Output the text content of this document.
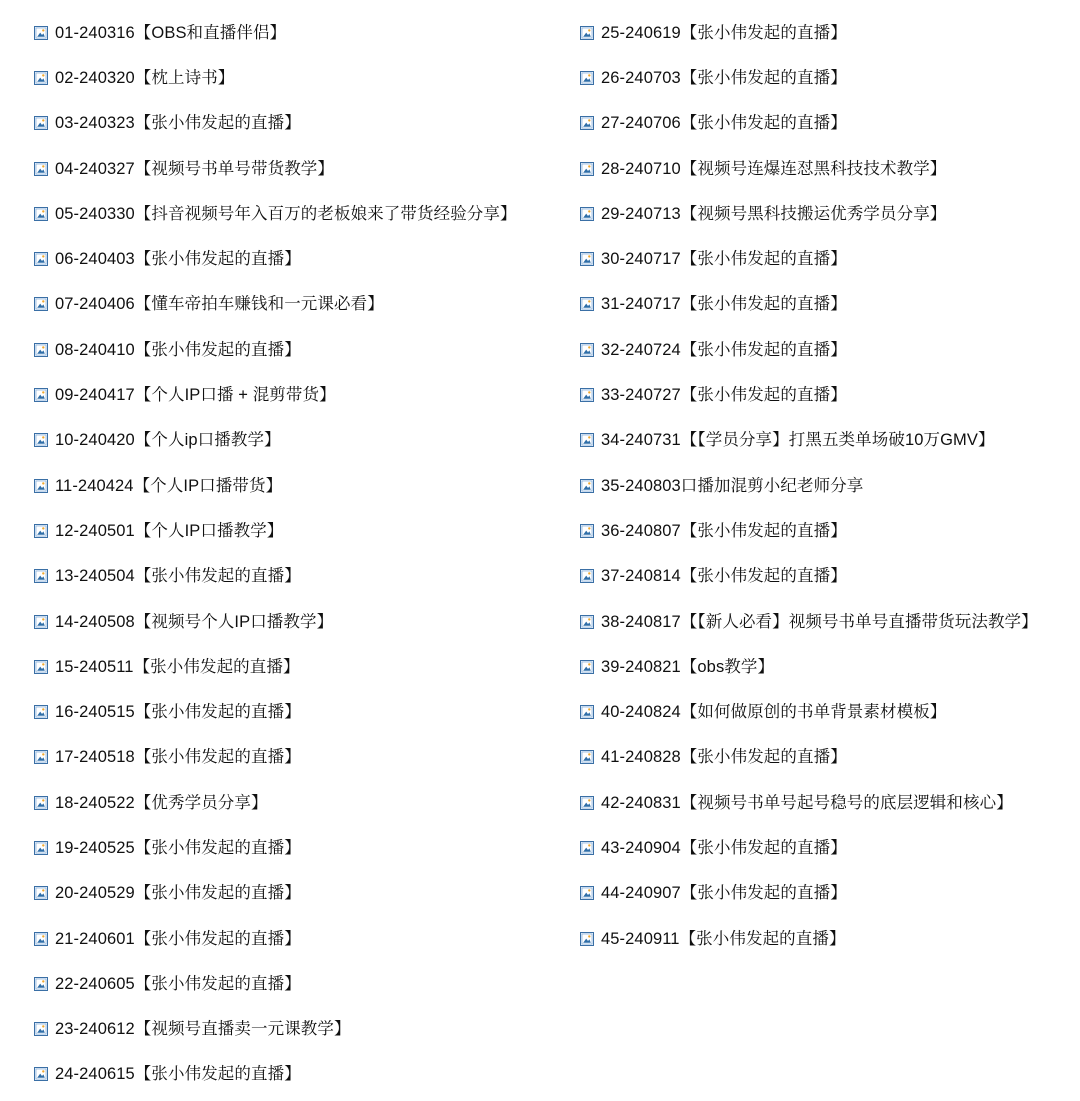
01-240316【OBS和直播伴侣】
02-240320【枕上诗书】
03-240323【张小伟发起的直播】
04-240327【视频号书单号带货教学】
05-240330【抖音视频号年入百万的老板娘来了带货经验分享】
06-240403【张小伟发起的直播】
07-240406【懂车帝拍车赚钱和一元课必看】
08-240410【张小伟发起的直播】
09-240417【个人IP口播 + 混剪带货】
10-240420【个人ip口播教学】
11-240424【个人IP口播带货】
12-240501【个人IP口播教学】
13-240504【张小伟发起的直播】
14-240508【视频号个人IP口播教学】
15-240511【张小伟发起的直播】
16-240515【张小伟发起的直播】
17-240518【张小伟发起的直播】
18-240522【优秀学员分享】
19-240525【张小伟发起的直播】
20-240529【张小伟发起的直播】
21-240601【张小伟发起的直播】
22-240605【张小伟发起的直播】
23-240612【视频号直播卖一元课教学】
24-240615【张小伟发起的直播】
25-240619【张小伟发起的直播】
26-240703【张小伟发起的直播】
27-240706【张小伟发起的直播】
28-240710【视频号连爆连怼黑科技技术教学】
29-240713【视频号黑科技搬运优秀学员分享】
30-240717【张小伟发起的直播】
31-240717【张小伟发起的直播】
32-240724【张小伟发起的直播】
33-240727【张小伟发起的直播】
34-240731【【学员分享】打黑五类单场破10万GMV】
35-240803口播加混剪小纪老师分享
36-240807【张小伟发起的直播】
37-240814【张小伟发起的直播】
38-240817【【新人必看】视频号书单号直播带货玩法教学】
39-240821【obs教学】
40-240824【如何做原创的书单背景素材模板】
41-240828【张小伟发起的直播】
42-240831【视频号书单号起号稳号的底层逻辑和核心】
43-240904【张小伟发起的直播】
44-240907【张小伟发起的直播】
45-240911【张小伟发起的直播】
